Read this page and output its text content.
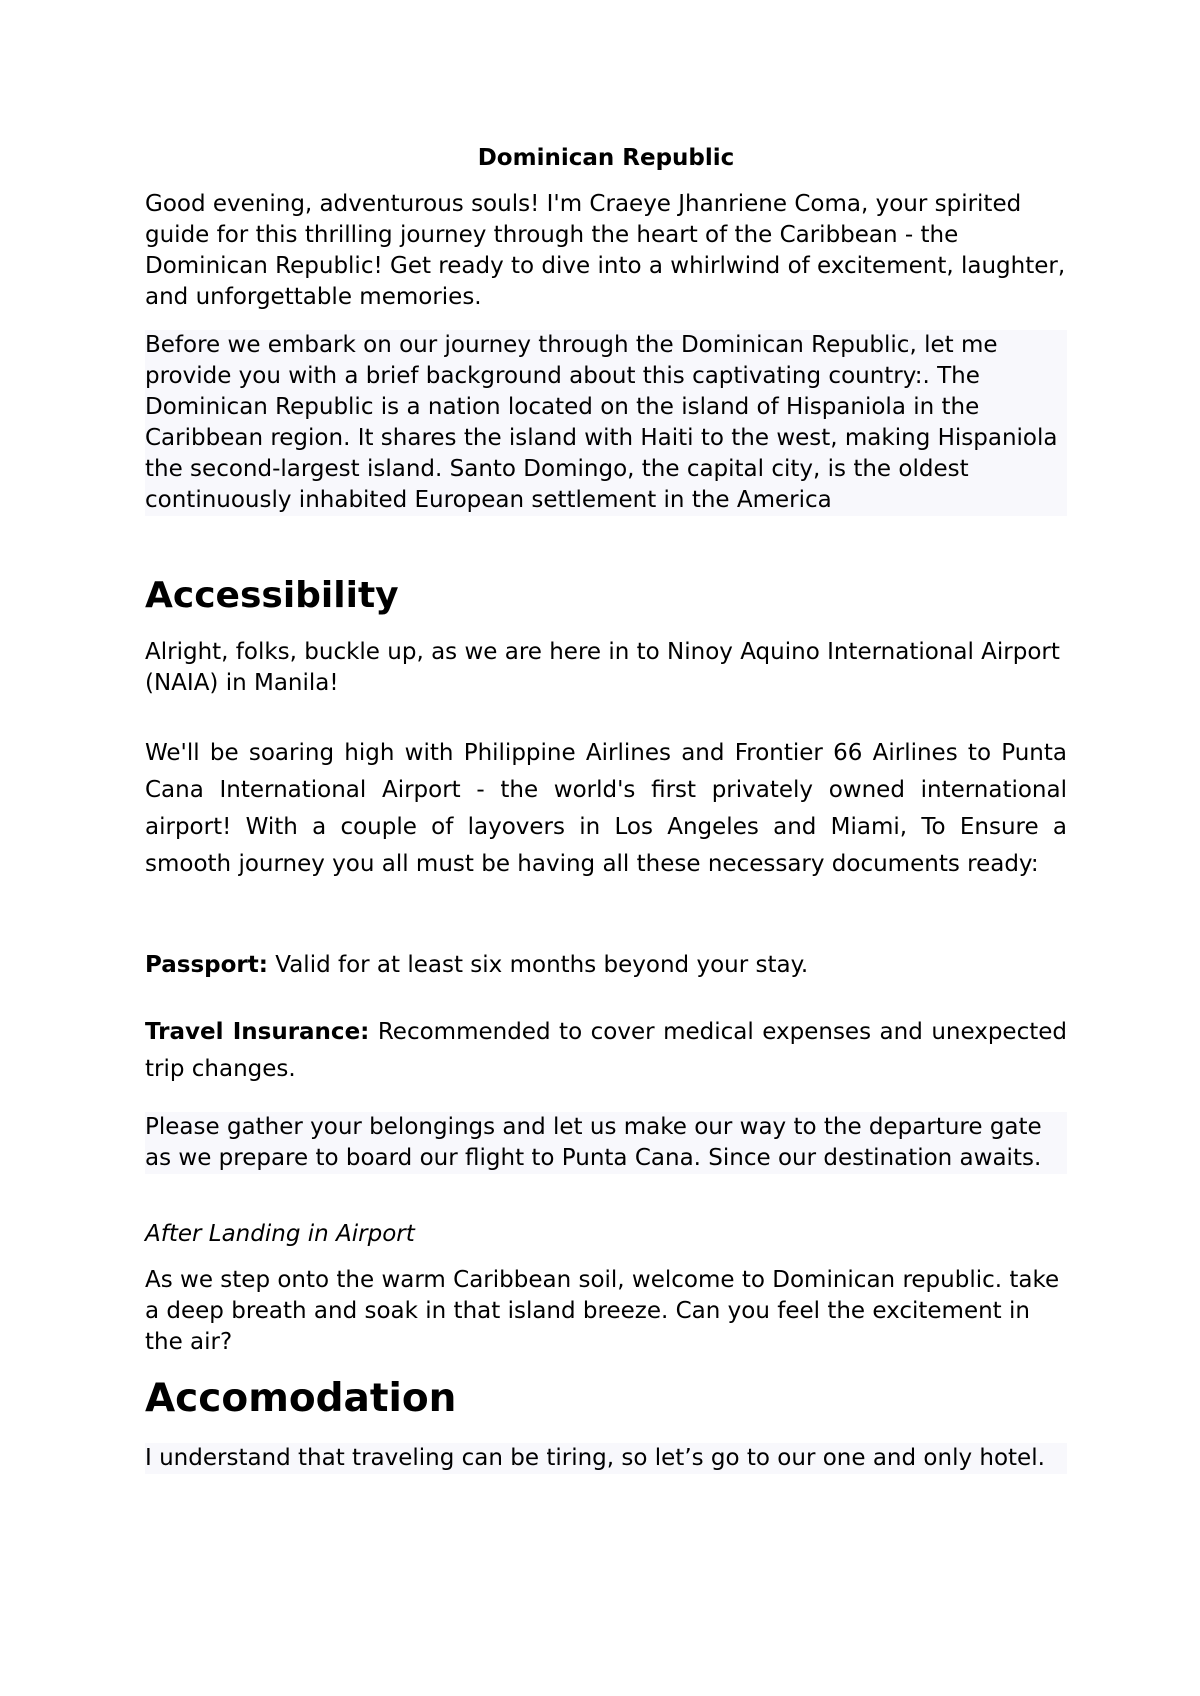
Dominican Republic

Good evening, adventurous souls! I'm Craeye Jhanriene Coma, your spirited guide for this thrilling journey through the heart of the Caribbean - the Dominican Republic! Get ready to dive into a whirlwind of excitement, laughter, and unforgettable memories.

Before we embark on our journey through the Dominican Republic, let me provide you with a brief background about this captivating country:. The Dominican Republic is a nation located on the island of Hispaniola in the Caribbean region. It shares the island with Haiti to the west, making Hispaniola the second-largest island. Santo Domingo, the capital city, is the oldest continuously inhabited European settlement in the America

Accessibility

Alright, folks, buckle up, as we are here in to Ninoy Aquino International Airport (NAIA) in Manila!

We'll be soaring high with Philippine Airlines and Frontier 66 Airlines to Punta Cana International Airport - the world's first privately owned international airport! With a couple of layovers in Los Angeles and Miami, To Ensure a smooth journey you all must be having all these necessary documents ready:

Passport: Valid for at least six months beyond your stay.

Travel Insurance: Recommended to cover medical expenses and unexpected trip changes.

Please gather your belongings and let us make our way to the departure gate as we prepare to board our flight to Punta Cana. Since our destination awaits.

After Landing in Airport

As we step onto the warm Caribbean soil, welcome to Dominican republic. take a deep breath and soak in that island breeze. Can you feel the excitement in the air?

Accomodation

I understand that traveling can be tiring, so let’s go to our one and only hotel.
